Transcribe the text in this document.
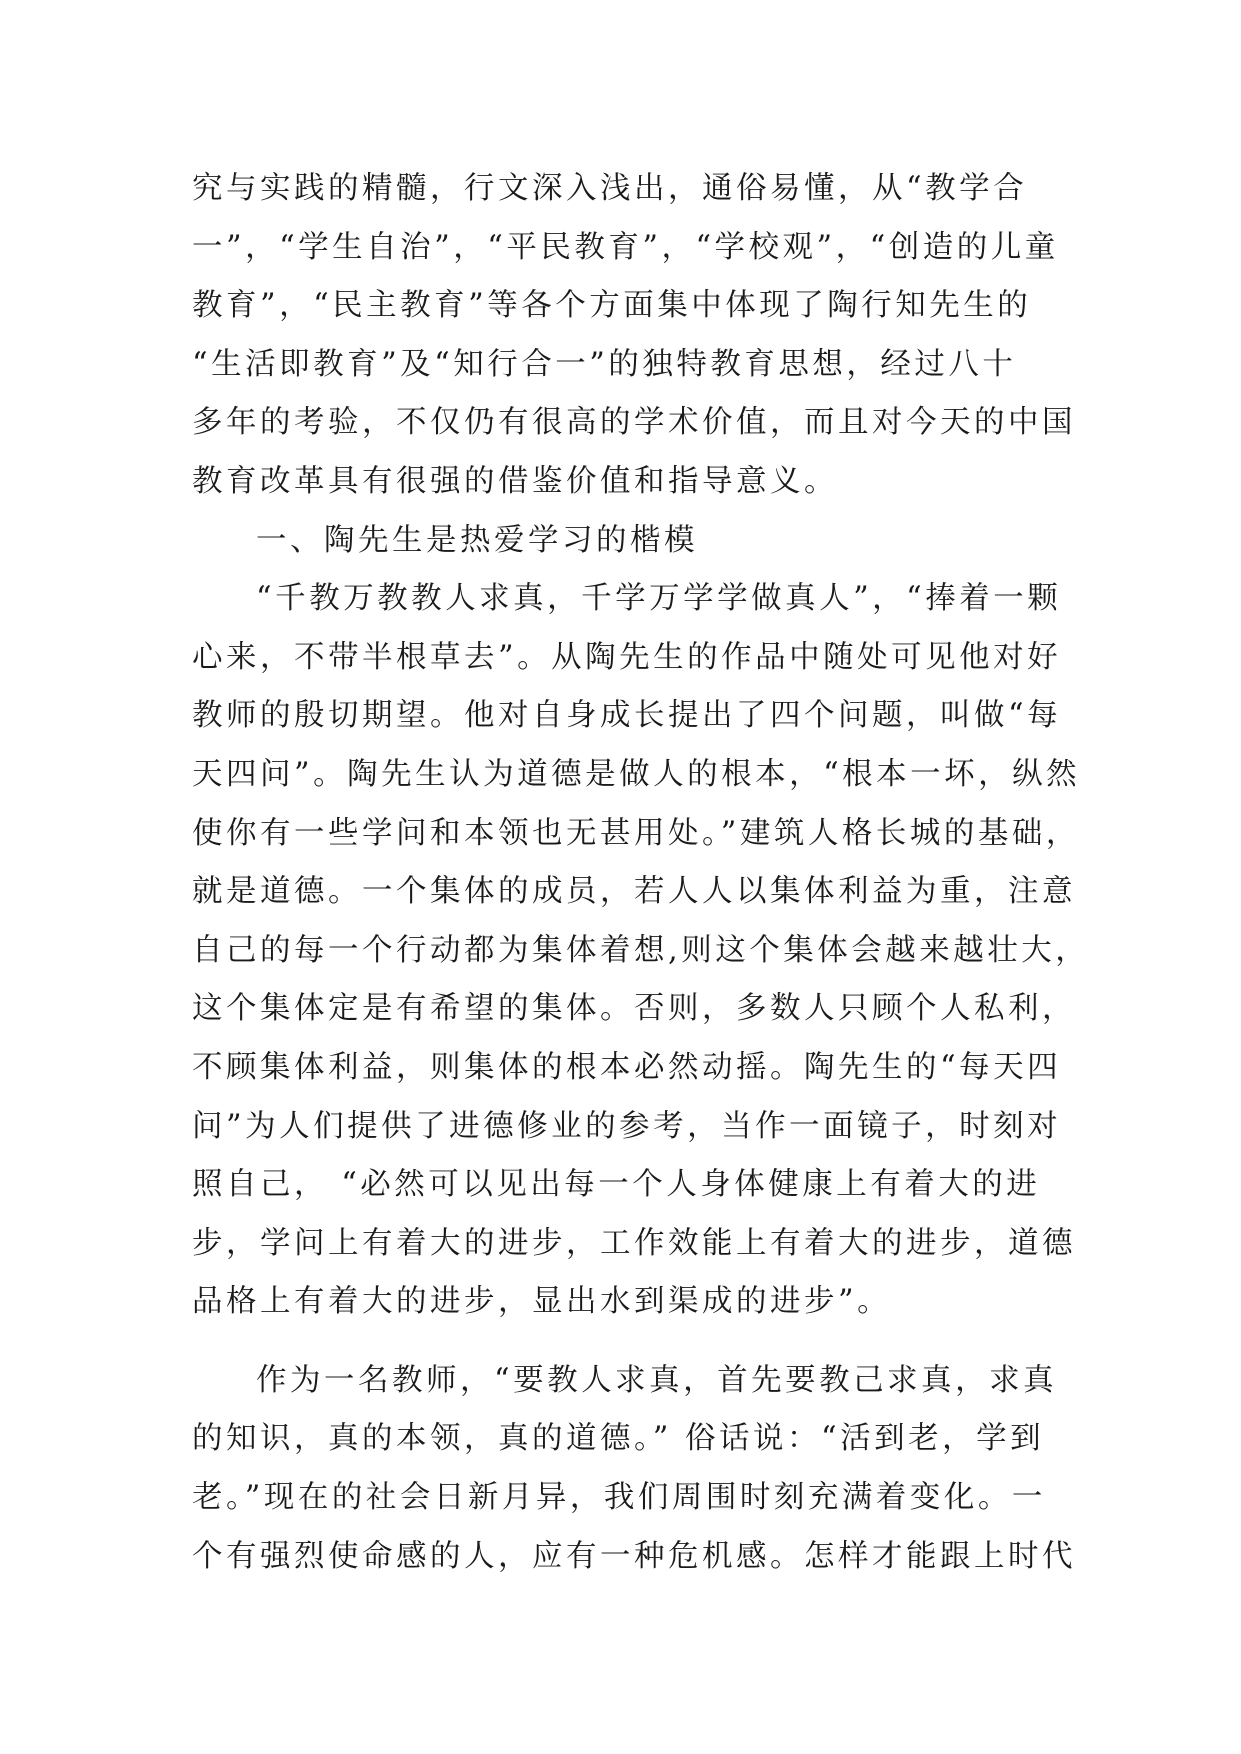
究与实践的精髓，行文深入浅出，通俗易懂，从“教学合
一”，“学生自治”，“平民教育”，“学校观”，“创造的儿童
教育”，“民主教育”等各个方面集中体现了陶行知先生的
“生活即教育”及“知行合一”的独特教育思想，经过八十
多年的考验，不仅仍有很高的学术价值，而且对今天的中国
教育改革具有很强的借鉴价值和指导意义。
一、陶先生是热爱学习的楷模
“千教万教教人求真，千学万学学做真人”，“捧着一颗
心来，不带半根草去”。从陶先生的作品中随处可见他对好
教师的殷切期望。他对自身成长提出了四个问题，叫做“每
天四问”。陶先生认为道德是做人的根本，“根本一坏，纵然
使你有一些学问和本领也无甚用处。”建筑人格长城的基础，
就是道德。一个集体的成员，若人人以集体利益为重，注意
自己的每一个行动都为集体着想,则这个集体会越来越壮大，
这个集体定是有希望的集体。否则，多数人只顾个人私利，
不顾集体利益，则集体的根本必然动摇。陶先生的“每天四
问”为人们提供了进德修业的参考，当作一面镜子，时刻对
照自己， “必然可以见出每一个人身体健康上有着大的进
步，学问上有着大的进步，工作效能上有着大的进步，道德
品格上有着大的进步，显出水到渠成的进步”。
作为一名教师，“要教人求真，首先要教己求真，求真
的知识，真的本领，真的道德。” 俗话说：“活到老，学到
老。”现在的社会日新月异，我们周围时刻充满着变化。一
个有强烈使命感的人，应有一种危机感。怎样才能跟上时代
